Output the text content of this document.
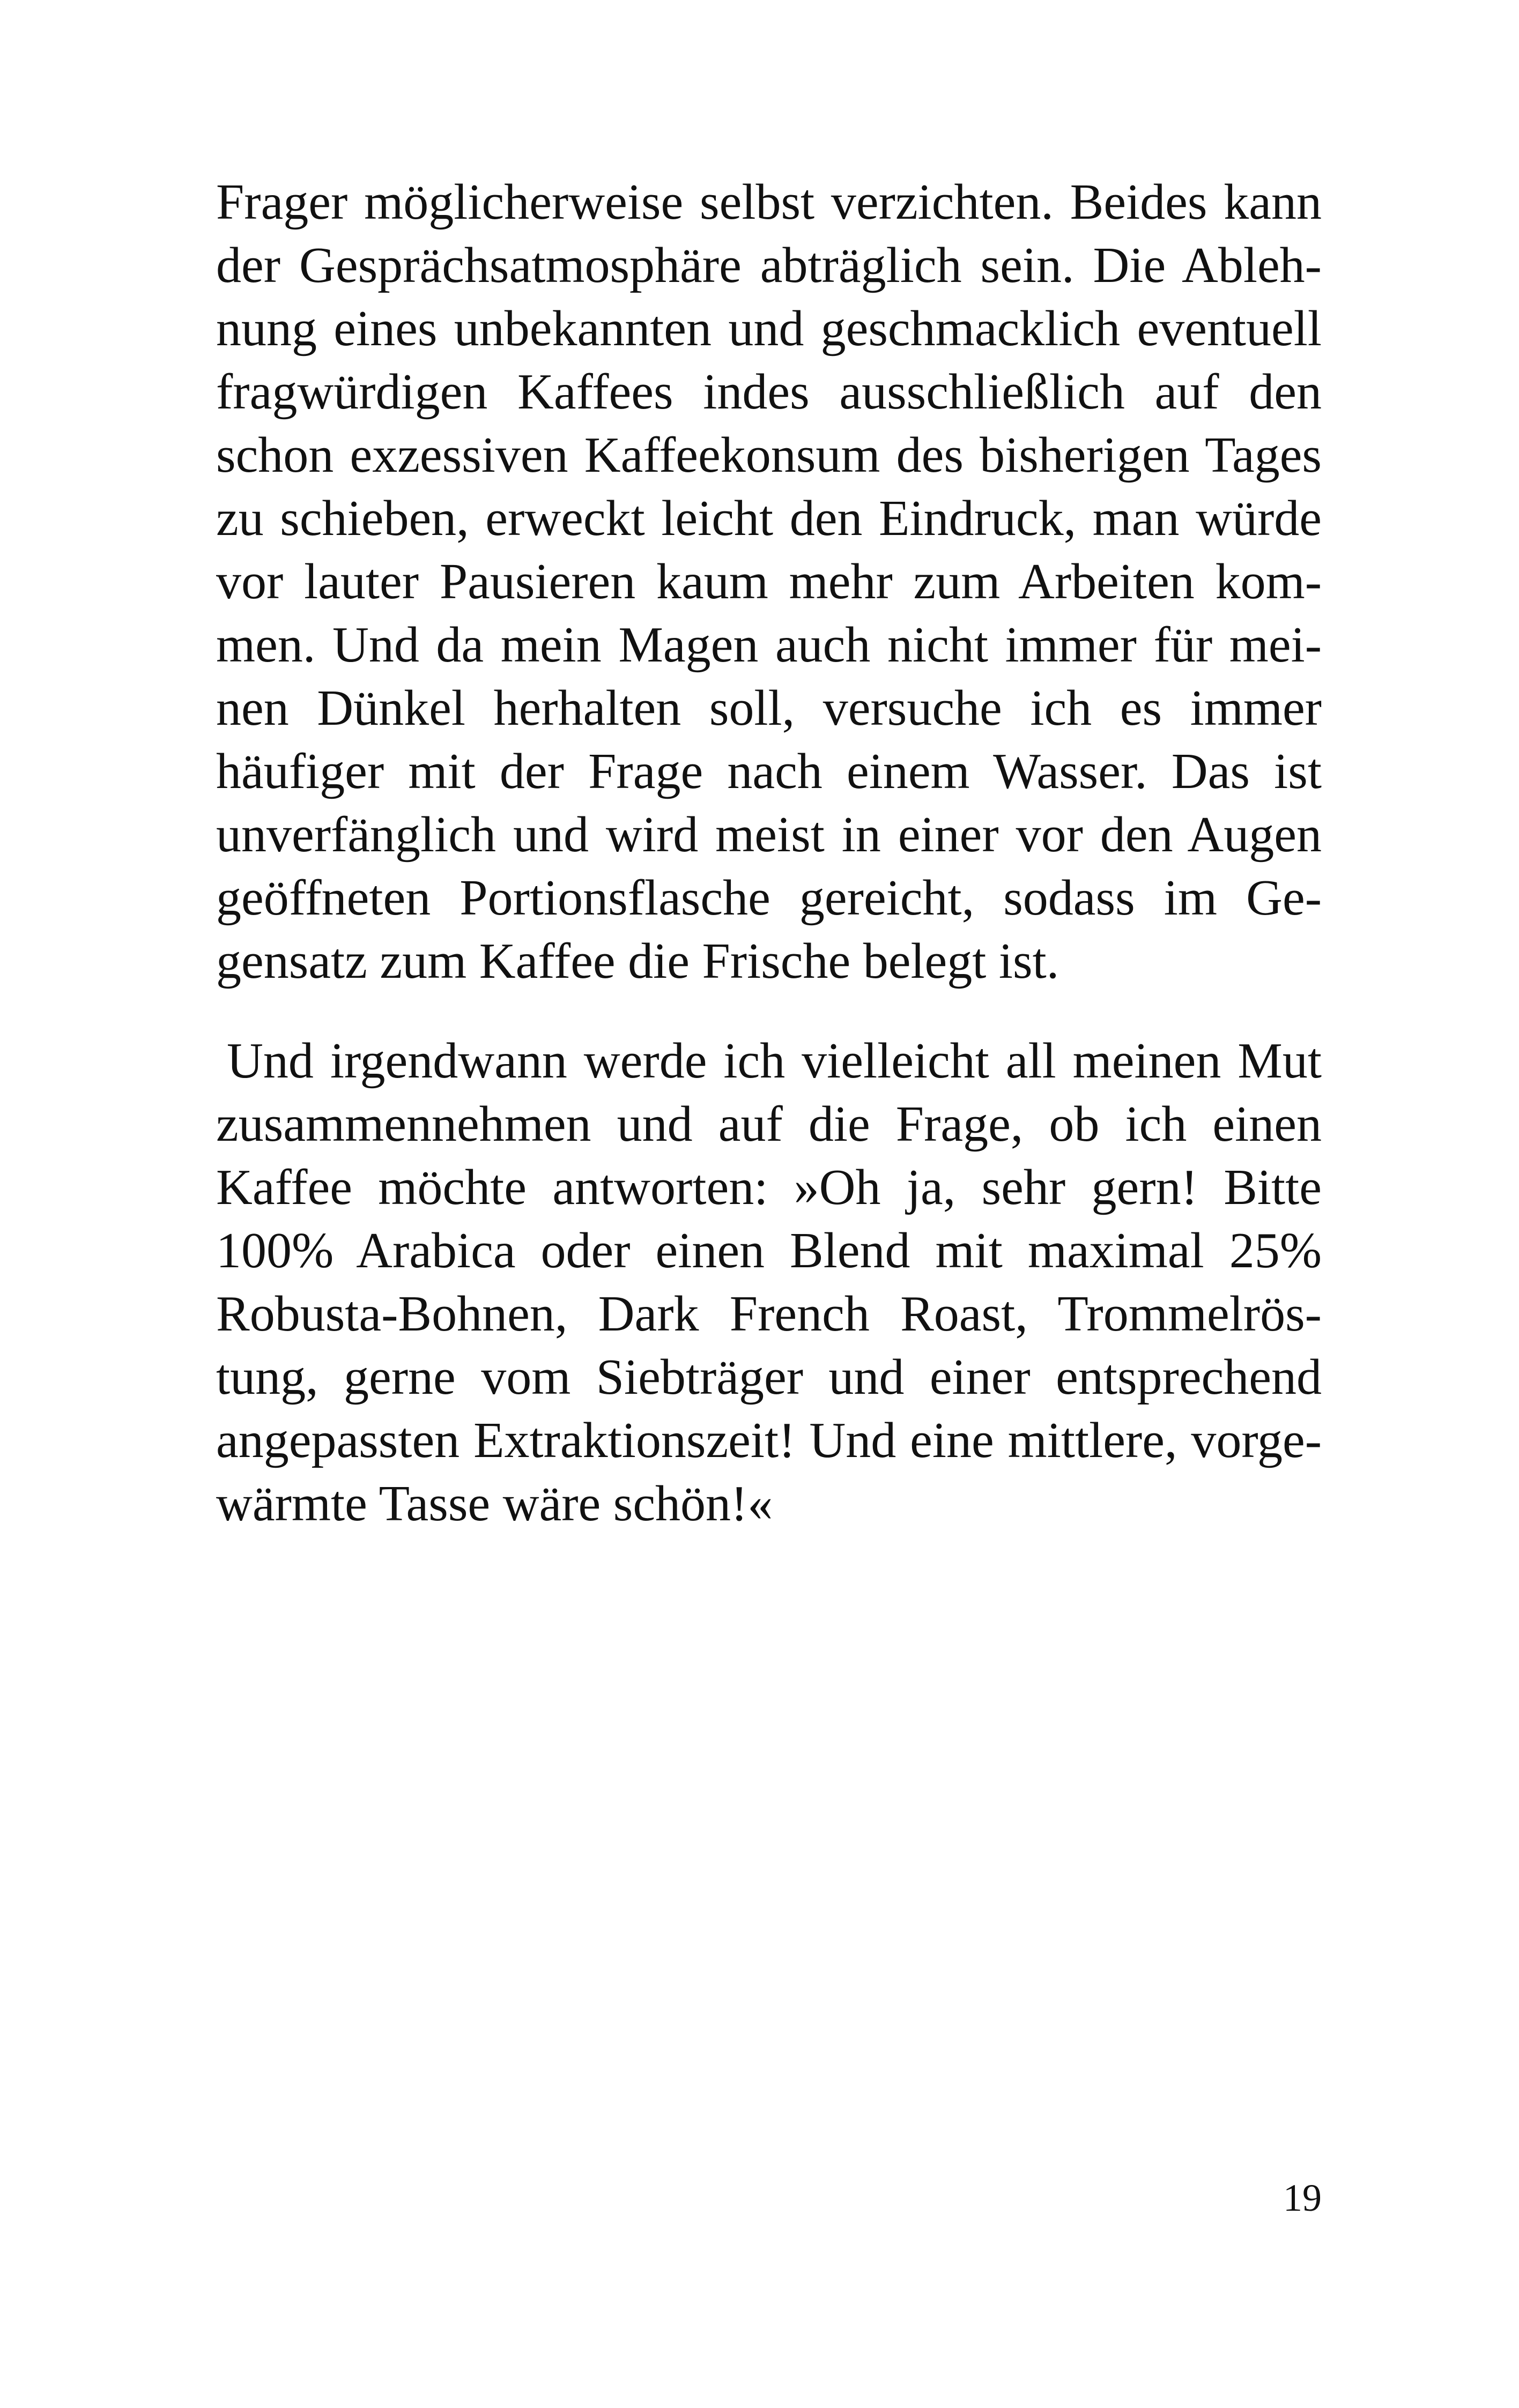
Frager möglicherweise selbst verzichten. Beides kann
der Gesprächsatmosphäre abträglich sein. Die Ableh-
nung eines unbekannten und geschmacklich eventuell
fragwürdigen Kaffees indes ausschließlich auf den
schon exzessiven Kaffeekonsum des bisherigen Tages
zu schieben, erweckt leicht den Eindruck, man würde
vor lauter Pausieren kaum mehr zum Arbeiten kom-
men. Und da mein Magen auch nicht immer für mei-
nen Dünkel herhalten soll, versuche ich es immer
häufiger mit der Frage nach einem Wasser. Das ist
unverfänglich und wird meist in einer vor den Augen
geöffneten Portionsflasche gereicht, sodass im Ge-
gensatz zum Kaffee die Frische belegt ist.
Und irgendwann werde ich vielleicht all meinen Mut
zusammennehmen und auf die Frage, ob ich einen
Kaffee möchte antworten: »Oh ja, sehr gern! Bitte
100% Arabica oder einen Blend mit maximal 25%
Robusta-Bohnen, Dark French Roast, Trommelrös-
tung, gerne vom Siebträger und einer entsprechend
angepassten Extraktionszeit! Und eine mittlere, vorge-
wärmte Tasse wäre schön!«
19
